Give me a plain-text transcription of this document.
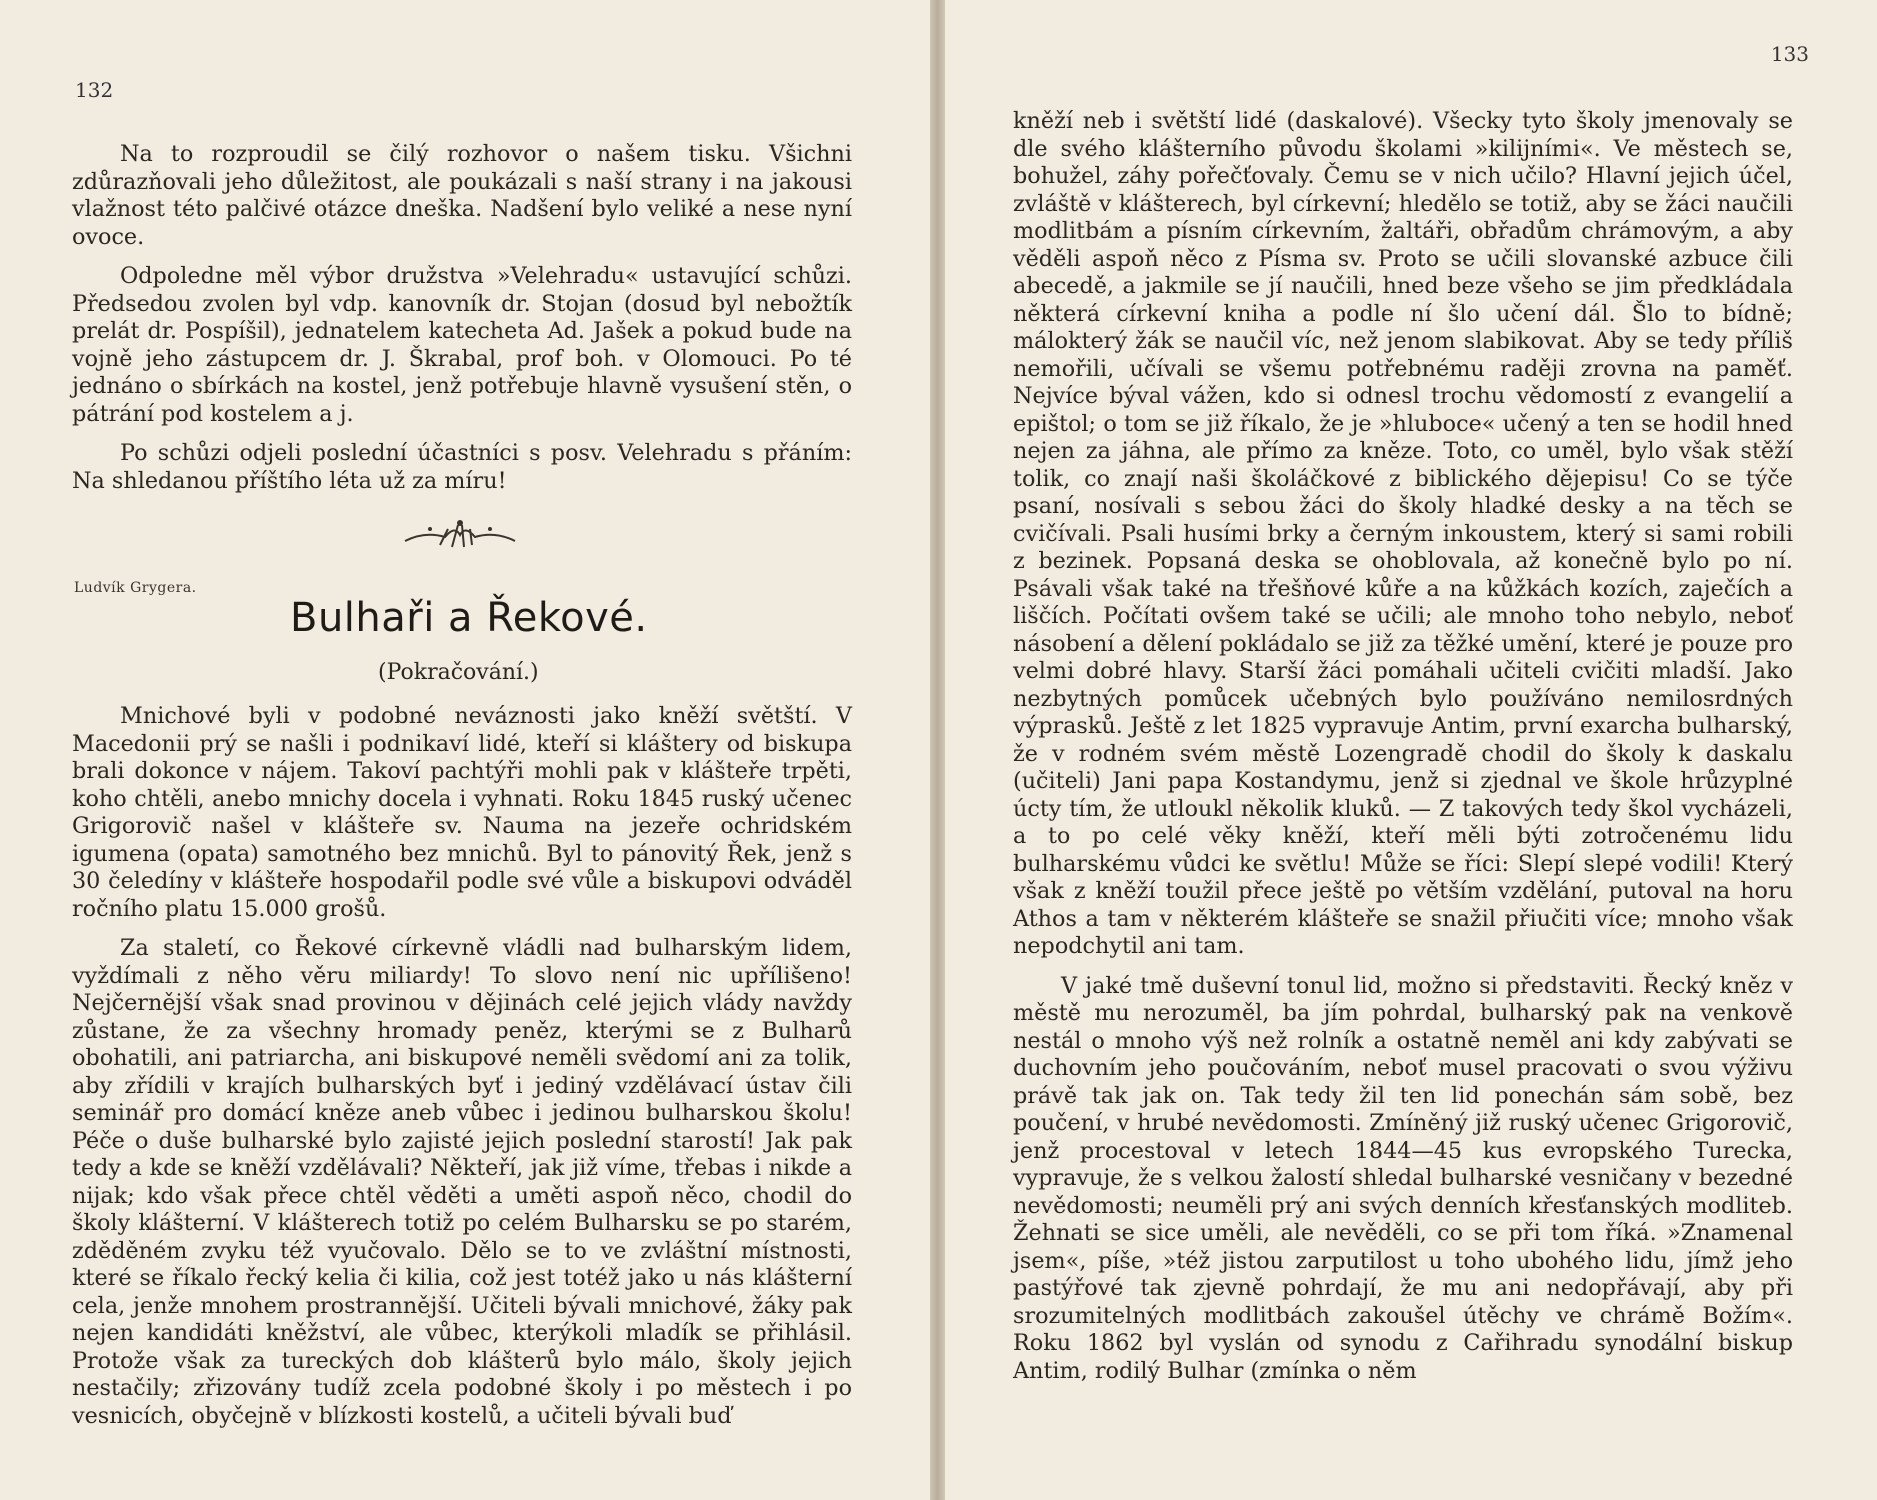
132

Na to rozproudil se čilý rozhovor o našem tisku. Všichni zdůrazňovali jeho důležitost, ale poukázali s naší strany i na jakousi vlažnost této palčivé otázce dneška. Nadšení bylo veliké a nese nyní ovoce.

Odpoledne měl výbor družstva »Velehradu« ustavující schůzi. Předsedou zvolen byl vdp. kanovník dr. Stojan (dosud byl nebožtík prelát dr. Pospíšil), jednatelem katecheta Ad. Jašek a pokud bude na vojně jeho zástupcem dr. J. Škrabal, prof boh. v Olomouci. Po té jednáno o sbírkách na kostel, jenž potřebuje hlavně vysušení stěn, o pátrání pod kostelem a j.

Po schůzi odjeli poslední účastníci s posv. Velehradu s přáním: Na shledanou příštího léta už za míru!

Ludvík Grygera.
Bulhaři a Řekové.
(Pokračování.)

Mnichové byli v podobné neváznosti jako kněží světští. V Macedonii prý se našli i podnikaví lidé, kteří si kláštery od biskupa brali dokonce v nájem. Takoví pachtýři mohli pak v klášteře trpěti, koho chtěli, anebo mnichy docela i vyhnati. Roku 1845 ruský učenec Grigorovič našel v klášteře sv. Nauma na jezeře ochridském igumena (opata) samotného bez mnichů. Byl to pánovitý Řek, jenž s 30 čeledíny v klášteře hospodařil podle své vůle a biskupovi odváděl ročního platu 15.000 grošů.

Za staletí, co Řekové církevně vládli nad bulharským lidem, vyždímali z něho věru miliardy! To slovo není nic upřílišeno! Nejčernější však snad provinou v dějinách celé jejich vlády navždy zůstane, že za všechny hromady peněz, kterými se z Bulharů obohatili, ani patriarcha, ani biskupové neměli svědomí ani za tolik, aby zřídili v krajích bulharských byť i jediný vzdělávací ústav čili seminář pro domácí kněze aneb vůbec i jedinou bulharskou školu! Péče o duše bulharské bylo zajisté jejich poslední starostí! Jak pak tedy a kde se kněží vzdělávali? Někteří, jak již víme, třebas i nikde a nijak; kdo však přece chtěl věděti a uměti aspoň něco, chodil do školy klášterní. V klášterech totiž po celém Bulharsku se po starém, zděděném zvyku též vyučovalo. Dělo se to ve zvláštní místnosti, které se říkalo řecký kelia či kilia, což jest totéž jako u nás klášterní cela, jenže mnohem prostrannější. Učiteli bývali mnichové, žáky pak nejen kandidáti kněžství, ale vůbec, kterýkoli mladík se přihlásil. Protože však za tureckých dob klášterů bylo málo, školy jejich nestačily; zřizovány tudíž zcela podobné školy i po městech i po vesnicích, obyčejně v blízkosti kostelů, a učiteli bývali buď

133

kněží neb i světští lidé (daskalové). Všecky tyto školy jmenovaly se dle svého klášterního původu školami »kilijními«. Ve městech se, bohužel, záhy pořečťovaly. Čemu se v nich učilo? Hlavní jejich účel, zvláště v klášterech, byl církevní; hledělo se totiž, aby se žáci naučili modlitbám a písním církevním, žaltáři, obřadům chrámovým, a aby věděli aspoň něco z Písma sv. Proto se učili slovanské azbuce čili abecedě, a jakmile se jí naučili, hned beze všeho se jim předkládala některá církevní kniha a podle ní šlo učení dál. Šlo to bídně; málokterý žák se naučil víc, než jenom slabikovat. Aby se tedy příliš nemořili, učívali se všemu potřebnému raději zrovna na paměť. Nejvíce býval vážen, kdo si odnesl trochu vědomostí z evangelií a epištol; o tom se již říkalo, že je »hluboce« učený a ten se hodil hned nejen za jáhna, ale přímo za kněze. Toto, co uměl, bylo však stěží tolik, co znají naši školáčkové z biblického dějepisu! Co se týče psaní, nosívali s sebou žáci do školy hladké desky a na těch se cvičívali. Psali husími brky a černým inkoustem, který si sami robili z bezinek. Popsaná deska se ohoblovala, až konečně bylo po ní. Psávali však také na třešňové kůře a na kůžkách kozích, zaječích a liščích. Počítati ovšem také se učili; ale mnoho toho nebylo, neboť násobení a dělení pokládalo se již za těžké umění, které je pouze pro velmi dobré hlavy. Starší žáci pomáhali učiteli cvičiti mladší. Jako nezbytných pomůcek učebných bylo používáno nemilosrdných výprasků. Ještě z let 1825 vypravuje Antim, první exarcha bulharský, že v rodném svém městě Lozengradě chodil do školy k daskalu (učiteli) Jani papa Kostandymu, jenž si zjednal ve škole hrůzyplné úcty tím, že utloukl několik kluků. — Z takových tedy škol vycházeli, a to po celé věky kněží, kteří měli býti zotročenému lidu bulharskému vůdci ke světlu! Může se říci: Slepí slepé vodili! Který však z kněží toužil přece ještě po větším vzdělání, putoval na horu Athos a tam v některém klášteře se snažil přiučiti více; mnoho však nepodchytil ani tam.

V jaké tmě duševní tonul lid, možno si představiti. Řecký kněz v městě mu nerozuměl, ba jím pohrdal, bulharský pak na venkově nestál o mnoho výš než rolník a ostatně neměl ani kdy zabývati se duchovním jeho poučováním, neboť musel pracovati o svou výživu právě tak jak on. Tak tedy žil ten lid ponechán sám sobě, bez poučení, v hrubé nevědomosti. Zmíněný již ruský učenec Grigorovič, jenž procestoval v letech 1844—45 kus evropského Turecka, vypravuje, že s velkou žalostí shledal bulharské vesničany v bezedné nevědomosti; neuměli prý ani svých denních křesťanských modliteb. Žehnati se sice uměli, ale nevěděli, co se při tom říká. »Znamenal jsem«, píše, »též jistou zarputilost u toho ubohého lidu, jímž jeho pastýřové tak zjevně pohrdají, že mu ani nedopřávají, aby při srozumitelných modlitbách zakoušel útěchy ve chrámě Božím«. Roku 1862 byl vyslán od synodu z Cařihradu synodální biskup Antim, rodilý Bulhar (zmínka o něm
